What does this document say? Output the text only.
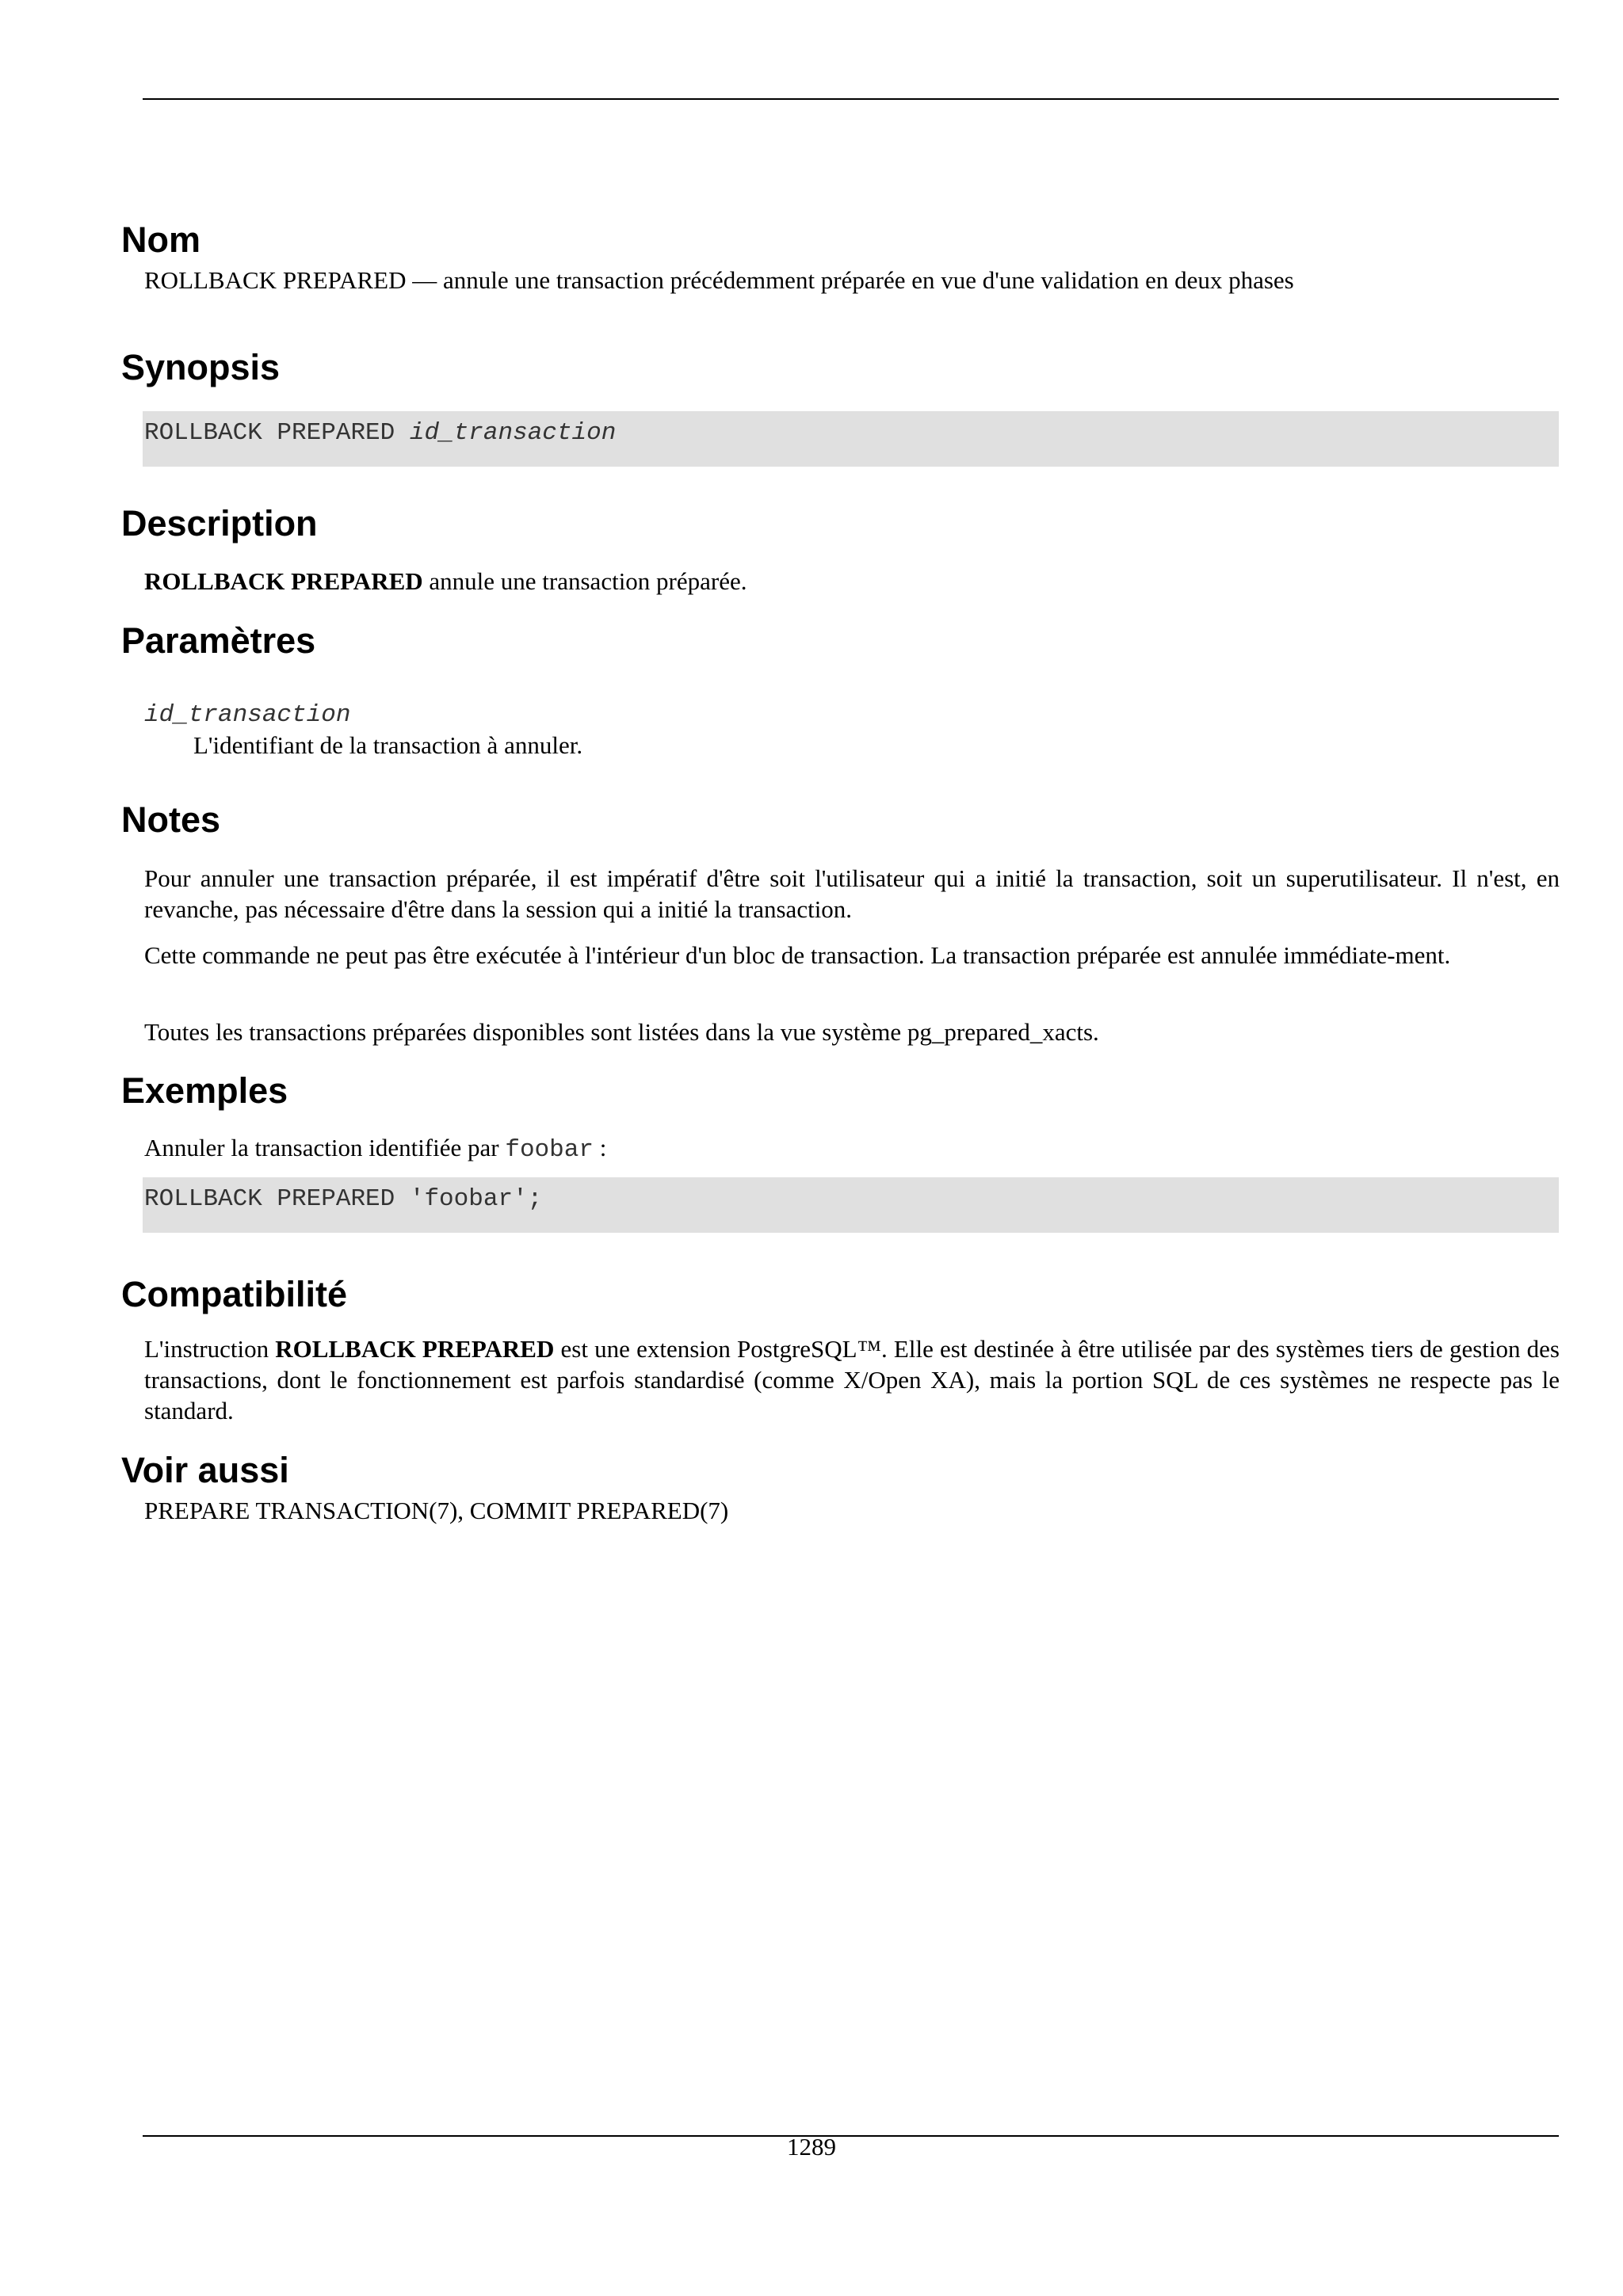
Nom

ROLLBACK PREPARED — annule une transaction précédemment préparée en vue d'une validation en deux phases

Synopsis
ROLLBACK PREPARED id_transaction
Description

ROLLBACK PREPARED annule une transaction préparée.

Paramètres
id_transaction
L'identifiant de la transaction à annuler.
Notes

Pour annuler une transaction préparée, il est impératif d'être soit l'utilisateur qui a initié la transaction, soit un superutilisateur. Il n'est, en revanche, pas nécessaire d'être dans la session qui a initié la transaction.

Cette commande ne peut pas être exécutée à l'intérieur d'un bloc de transaction. La transaction préparée est annulée immédiate-ment.

Toutes les transactions préparées disponibles sont listées dans la vue système pg_prepared_xacts.

Exemples

Annuler la transaction identifiée par foobar :

ROLLBACK PREPARED 'foobar';
Compatibilité

L'instruction ROLLBACK PREPARED est une extension PostgreSQL™. Elle est destinée à être utilisée par des systèmes tiers de gestion des transactions, dont le fonctionnement est parfois standardisé (comme X/Open XA), mais la portion SQL de ces systèmes ne respecte pas le standard.

Voir aussi

PREPARE TRANSACTION(7), COMMIT PREPARED(7)

1289
